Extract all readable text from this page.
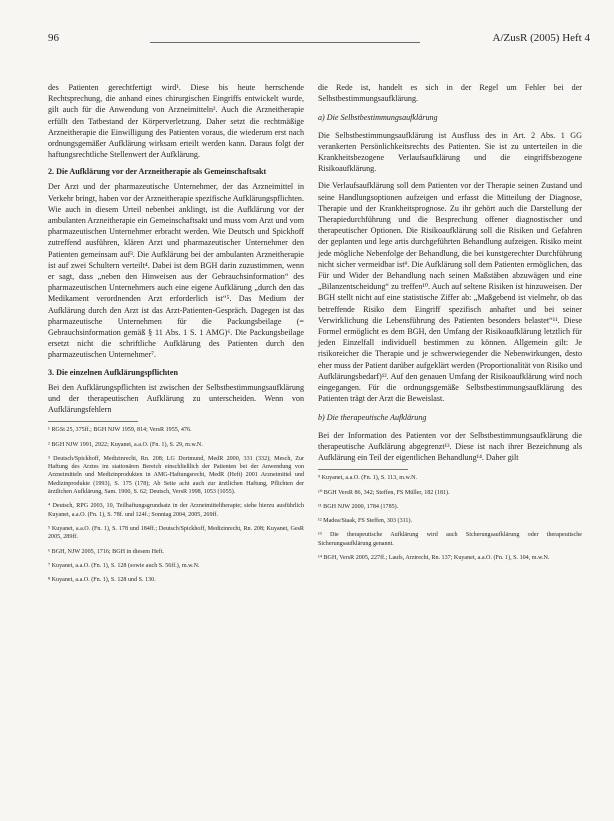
96	A/ZusR (2005) Heft 4

des Patienten gerechtfertigt wird¹. Diese bis heute herrschende Rechtsprechung, die anhand eines chirurgischen Eingriffs entwickelt wurde, gilt auch für die Anwendung von Arzneimitteln². Auch die Arzneitherapie erfüllt den Tatbestand der Körperverletzung. Daher setzt die rechtmäßige Arzneitherapie die Einwilligung des Patienten voraus, die wiederum erst nach ordnungsgemäßer Aufklärung wirksam erteilt werden kann. Daraus folgt der haftungsrechtliche Stellenwert der Aufklärung.

2. Die Aufklärung vor der Arzneitherapie als Gemeinschaftsakt

Der Arzt und der pharmazeutische Unternehmer, der das Arzneimittel in Verkehr bringt, haben vor der Arzneitherapie spezifische Aufklärungspflichten. Wie auch in diesem Urteil nebenbei anklingt, ist die Aufklärung vor der ambulanten Arzneitherapie ein Gemeinschaftsakt und muss vom Arzt und vom pharmazeutischen Unternehmer erbracht werden. Wie Deutsch und Spickhoff zutreffend ausführen, klären Arzt und pharmazeutischer Unternehmer den Patienten gemeinsam auf³. Die Aufklärung bei der ambulanten Arzneitherapie ist auf zwei Schultern verteilt⁴. Dabei ist dem BGH darin zuzustimmen, wenn er sagt, dass „neben den Hinweisen aus der Gebrauchsinformation“ des pharmazeutischen Unternehmers auch eine eigene Aufklärung „durch den das Medikament verordnenden Arzt erforderlich ist“⁵. Das Medium der Aufklärung durch den Arzt ist das Arzt-Patienten-Gespräch. Dagegen ist das pharmazeutische Unternehmen für die Packungsbeilage (= Gebrauchsinformation gemäß § 11 Abs. 1 S. 1 AMG)⁶. Die Packungsbeilage ersetzt nicht die schriftliche Aufklärung des Patienten durch den pharmazeutischen Unternehmer⁷.

3. Die einzelnen Aufklärungspflichten

Bei den Aufklärungspflichten ist zwischen der Selbstbestimmungsaufklärung und der therapeutischen Aufklärung zu unterscheiden. Wenn von Aufklärungsfehlern

¹ RGSt 25, 375ff.; BGH NJW 1959, 814; VersR 1955, 476.

² BGH NJW 1991, 2922; Kuyanet, a.a.O. (Fn. 1), S. 29, m.w.N.

³ Deutsch/Spickhoff, Medizinrecht, Rn. 208; LG Dortmund, MedR 2000, 331 (332); Mesch, Zur Haftung des Arztes im stationären Bereich einschließlich der Patienten bei der Anwendung von Arzneimitteln und Medizinprodukten in AMG-Haftungsrecht, MedR (Heft) 2001 Arzneimittel und Medizinprodukte (1993), S. 175 (178); Ab Seite acht auch zur ärztlichen Haftung, Pflichten der ärztlichen Aufklärung, Sam. 1900, S. 62; Deutsch, VersR 1998, 1053 (1055).

⁴ Deutsch, RPG 2003, 10, Teilhaftungsgrundsatz in der Arzneimitteltherapie; siehe hierzu ausführlich Kuyanet, a.a.O. (Fn. 1), S. 78f. und 124f.; Sonntag 2004, 2005, 269ff.

⁵ Kuyanet, a.a.O. (Fn. 1), S. 178 und 184ff.; Deutsch/Spickhoff, Medizinrecht, Rn. 208; Kuyanet, GesR 2005, 289ff.

⁶ BGH, NJW 2005, 1716; BGH in diesem Heft.

⁷ Kuyanet, a.a.O. (Fn. 1), S. 128 (sowie auch S. 56ff.), m.w.N.

⁸ Kuyanet, a.a.O. (Fn. 1), S. 128 und S. 130.

die Rede ist, handelt es sich in der Regel um Fehler bei der Selbstbestimmungsaufklärung.

a) Die Selbstbestimmungsaufklärung

Die Selbstbestimmungsaufklärung ist Ausfluss des in Art. 2 Abs. 1 GG verankerten Persönlichkeitsrechts des Patienten. Sie ist zu unterteilen in die Krankheitsbezogene Verlaufsaufklärung und die eingriffsbezogene Risikoaufklärung.

Die Verlaufsaufklärung soll dem Patienten vor der Therapie seinen Zustand und seine Handlungsoptionen aufzeigen und erfasst die Mitteilung der Diagnose, Therapie und der Krankheitsprognose. Zu ihr gehört auch die Darstellung der Therapiedurchführung und die Besprechung offener diagnostischer und therapeutischer Optionen. Die Risikoaufklärung soll die Risiken und Gefahren der geplanten und lege artis durchgeführten Behandlung aufzeigen. Risiko meint jede mögliche Nebenfolge der Behandlung, die bei kunstgerechter Durchführung nicht sicher vermeidbar ist⁹. Die Aufklärung soll dem Patienten ermöglichen, das Für und Wider der Behandlung nach seinen Maßstäben abzuwägen und eine „Bilanzentscheidung“ zu treffen¹⁰. Auch auf seltene Risiken ist hinzuweisen. Der BGH stellt nicht auf eine statistische Ziffer ab: „Maßgebend ist vielmehr, ob das betreffende Risiko dem Eingriff spezifisch anhaftet und bei seiner Verwirklichung die Lebensführung des Patienten besonders belastet“¹¹. Diese Formel ermöglicht es dem BGH, den Umfang der Risikoaufklärung letztlich für jeden Einzelfall individuell bestimmen zu können. Allgemein gilt: Je risikoreicher die Therapie und je schwerwiegender die Nebenwirkungen, desto eher muss der Patient darüber aufgeklärt werden (Proportionalität von Risiko und Aufklärungsbedarf)¹². Auf den genauen Umfang der Risikoaufklärung wird noch eingegangen. Für die ordnungsgemäße Selbstbestimmungsaufklärung des Patienten trägt der Arzt die Beweislast.

b) Die therapeutische Aufklärung

Bei der Information des Patienten vor der Selbstbestimmungsaufklärung die therapeutische Aufklärung abgegrenzt¹³. Diese ist nach ihrer Bezeichnung als Aufklärung ein Teil der eigentlichen Behandlung¹⁴. Daher gilt

⁹ Kuyanet, a.a.O. (Fn. 1), S. 113, m.w.N.

¹⁰ BGH VersR 86, 342; Steffen, FS Müller, 182 (181).

¹¹ BGH NJW 2000, 1784 (1785).

¹² Madea/Staak, FS Steffen, 303 (311).

¹³ Die therapeutische Aufklärung wird auch Sicherungsaufklärung oder therapeutische Sicherungsaufklärung genannt.

¹⁴ BGH, VersR 2005, 227ff.; Laufs, Arztrecht, Rn. 137; Kuyanet, a.a.O. (Fn. 1), S. 104, m.w.N.
